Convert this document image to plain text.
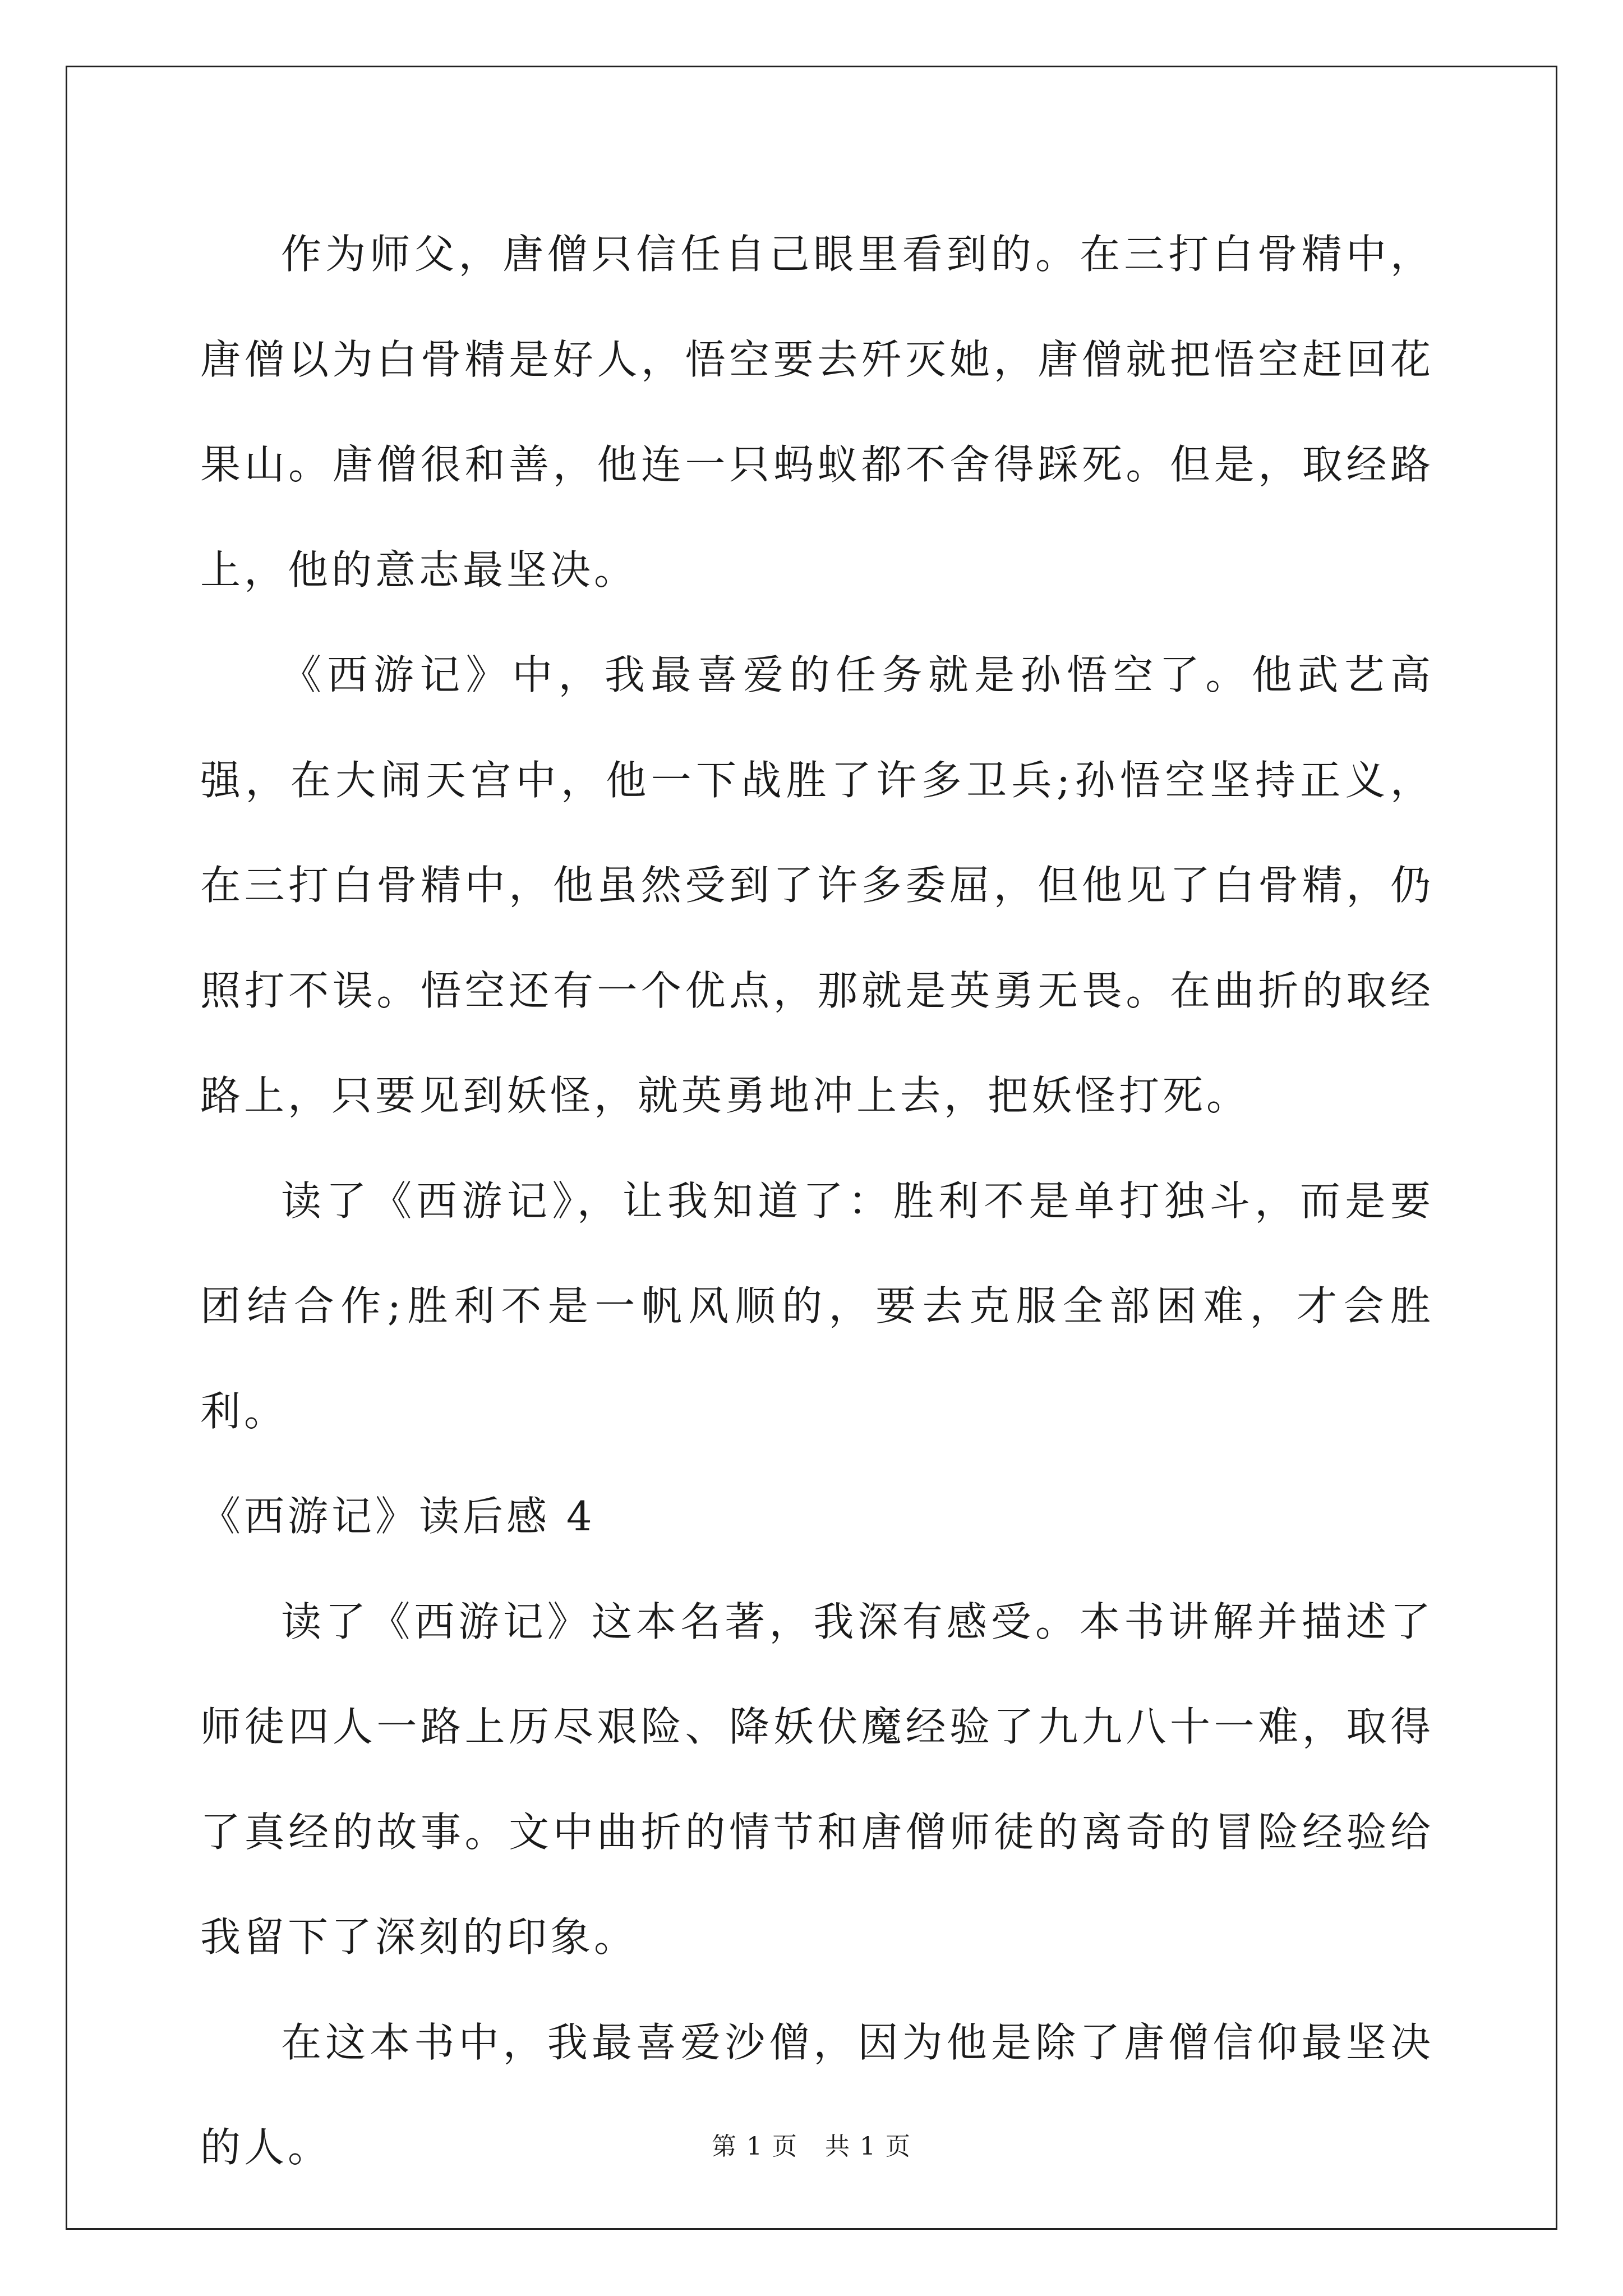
作为师父，唐僧只信任自己眼里看到的。在三打白骨精中，唐僧以为白骨精是好人，悟空要去歼灭她，唐僧就把悟空赶回花果山。唐僧很和善，他连一只蚂蚁都不舍得踩死。但是，取经路上，他的意志最坚决。

《西游记》中，我最喜爱的任务就是孙悟空了。他武艺高强，在大闹天宫中，他一下战胜了许多卫兵;孙悟空坚持正义，在三打白骨精中，他虽然受到了许多委屈，但他见了白骨精，仍照打不误。悟空还有一个优点，那就是英勇无畏。在曲折的取经路上，只要见到妖怪，就英勇地冲上去，把妖怪打死。

读了《西游记》，让我知道了：胜利不是单打独斗，而是要团结合作;胜利不是一帆风顺的，要去克服全部困难，才会胜利。

《西游记》读后感 4

读了《西游记》这本名著，我深有感受。本书讲解并描述了师徒四人一路上历尽艰险、降妖伏魔经验了九九八十一难，取得了真经的故事。文中曲折的情节和唐僧师徒的离奇的冒险经验给我留下了深刻的印象。

在这本书中，我最喜爱沙僧，因为他是除了唐僧信仰最坚决的人。	第 1 页 共 1 页
